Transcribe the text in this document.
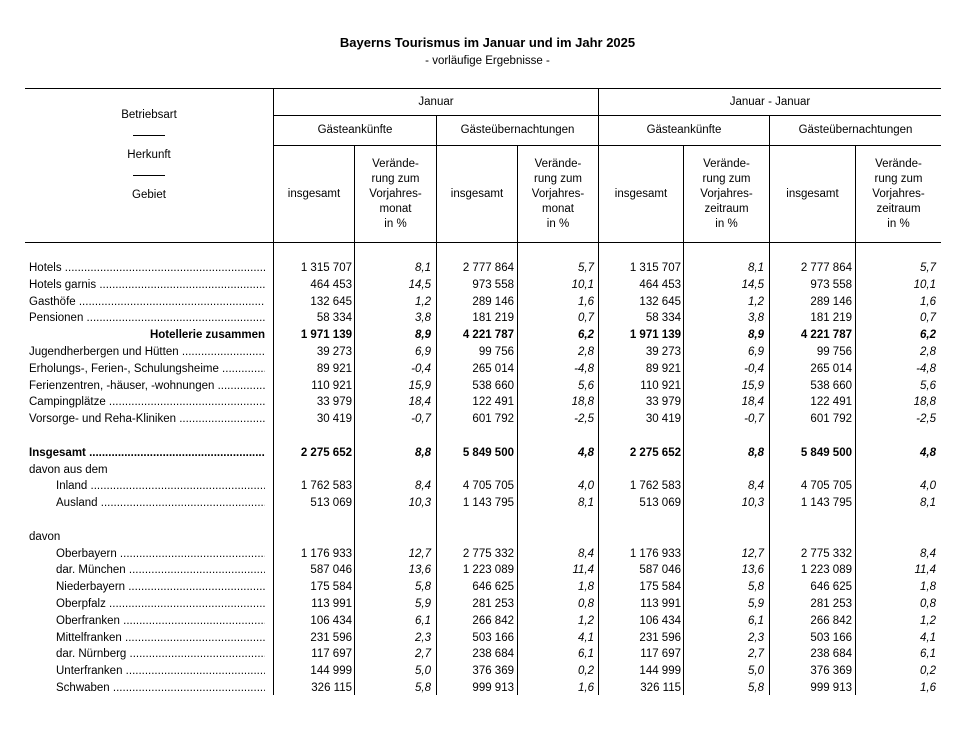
Bayerns Tourismus im Januar und im Jahr 2025
- vorläufige Ergebnisse -
Betriebsart
Herkunft
Gebiet
Januar	Januar - Januar
Gästeankünfte	Gästeübernachtungen	Gästeankünfte	Gästeübernachtungen
insgesamt
Verände-
rung zum
Vorjahres-
monat
in %
insgesamt
Verände-
rung zum
Vorjahres-
monat
in %
insgesamt
Verände-
rung zum
Vorjahres-
zeitraum
in %
insgesamt
Verände-
rung zum
Vorjahres-
zeitraum
in %
Hotels .....	1 315 707	8,1	2 777 864	5,7	1 315 707	8,1	2 777 864	5,7
Hotels garnis .....	464 453	14,5	973 558	10,1	464 453	14,5	973 558	10,1
Gasthöfe .....	132 645	1,2	289 146	1,6	132 645	1,2	289 146	1,6
Pensionen .....	58 334	3,8	181 219	0,7	58 334	3,8	181 219	0,7
Hotellerie zusammen	1 971 139	8,9	4 221 787	6,2	1 971 139	8,9	4 221 787	6,2
Jugendherbergen und Hütten .....	39 273	6,9	99 756	2,8	39 273	6,9	99 756	2,8
Erholungs-, Ferien-, Schulungsheime .....	89 921	-0,4	265 014	-4,8	89 921	-0,4	265 014	-4,8
Ferienzentren, -häuser, -wohnungen .....	110 921	15,9	538 660	5,6	110 921	15,9	538 660	5,6
Campingplätze .....	33 979	18,4	122 491	18,8	33 979	18,4	122 491	18,8
Vorsorge- und Reha-Kliniken .....	30 419	-0,7	601 792	-2,5	30 419	-0,7	601 792	-2,5
Insgesamt .....	2 275 652	8,8	5 849 500	4,8	2 275 652	8,8	5 849 500	4,8
davon aus dem
Inland .....	1 762 583	8,4	4 705 705	4,0	1 762 583	8,4	4 705 705	4,0
Ausland .....	513 069	10,3	1 143 795	8,1	513 069	10,3	1 143 795	8,1
davon
Oberbayern .....	1 176 933	12,7	2 775 332	8,4	1 176 933	12,7	2 775 332	8,4
dar. München .....	587 046	13,6	1 223 089	11,4	587 046	13,6	1 223 089	11,4
Niederbayern .....	175 584	5,8	646 625	1,8	175 584	5,8	646 625	1,8
Oberpfalz .....	113 991	5,9	281 253	0,8	113 991	5,9	281 253	0,8
Oberfranken .....	106 434	6,1	266 842	1,2	106 434	6,1	266 842	1,2
Mittelfranken .....	231 596	2,3	503 166	4,1	231 596	2,3	503 166	4,1
dar. Nürnberg .....	117 697	2,7	238 684	6,1	117 697	2,7	238 684	6,1
Unterfranken .....	144 999	5,0	376 369	0,2	144 999	5,0	376 369	0,2
Schwaben .....	326 115	5,8	999 913	1,6	326 115	5,8	999 913	1,6
